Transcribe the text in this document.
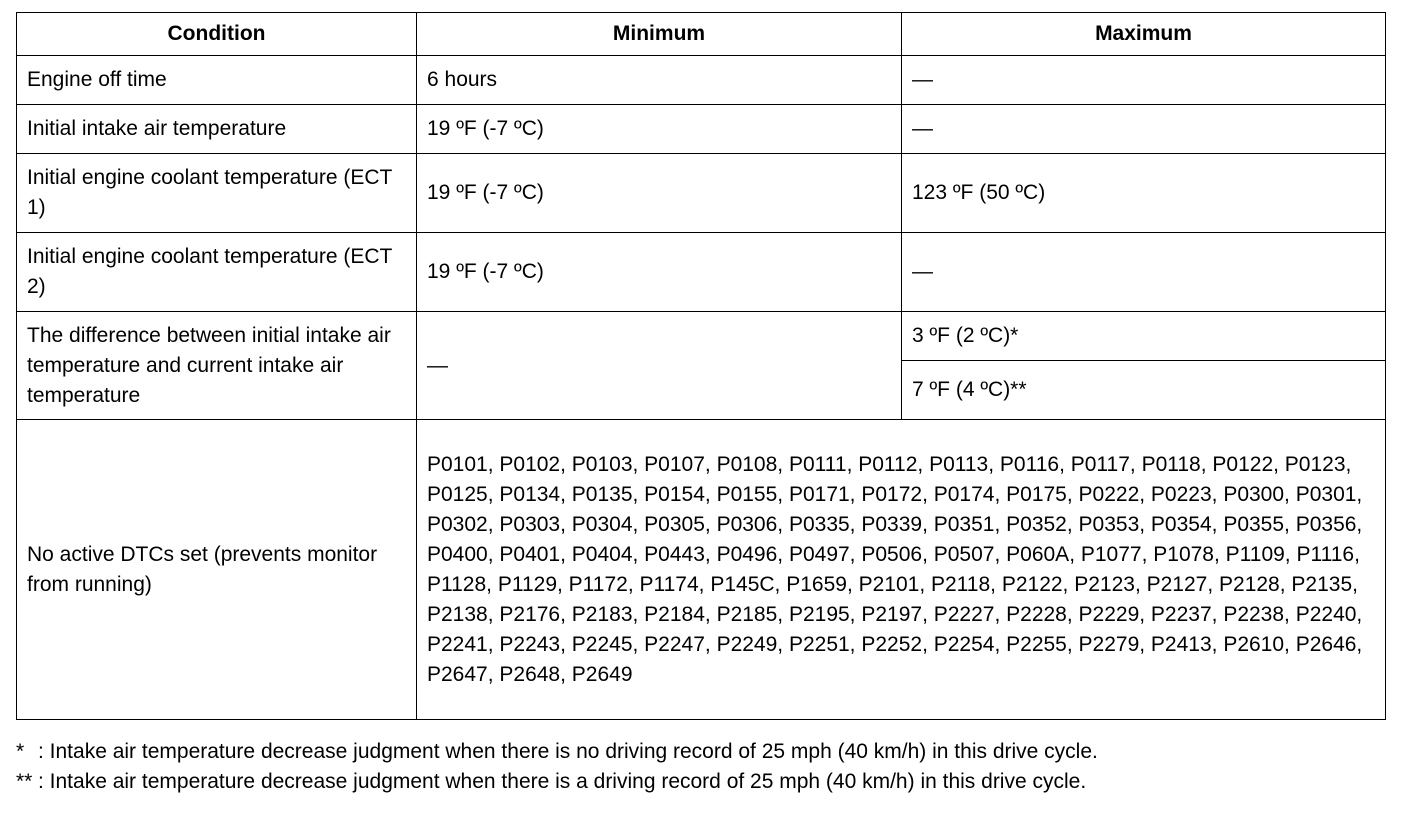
Condition	Minimum	Maximum
Engine off time	6 hours	—
Initial intake air temperature	19 ºF (-7 ºC)	—
Initial engine coolant temperature (ECT 1)	19 ºF (-7 ºC)	123 ºF (50 ºC)
Initial engine coolant temperature (ECT 2)	19 ºF (-7 ºC)	—
The difference between initial intake air temperature and current intake air temperature	—	3 ºF (2 ºC)*
		7 ºF (4 ºC)**
No active DTCs set (prevents monitor from running)	P0101, P0102, P0103, P0107, P0108, P0111, P0112, P0113, P0116, P0117, P0118, P0122, P0123, P0125, P0134, P0135, P0154, P0155, P0171, P0172, P0174, P0175, P0222, P0223, P0300, P0301, P0302, P0303, P0304, P0305, P0306, P0335, P0339, P0351, P0352, P0353, P0354, P0355, P0356, P0400, P0401, P0404, P0443, P0496, P0497, P0506, P0507, P060A, P1077, P1078, P1109, P1116, P1128, P1129, P1172, P1174, P145C, P1659, P2101, P2118, P2122, P2123, P2127, P2128, P2135, P2138, P2176, P2183, P2184, P2185, P2195, P2197, P2227, P2228, P2229, P2237, P2238, P2240, P2241, P2243, P2245, P2247, P2249, P2251, P2252, P2254, P2255, P2279, P2413, P2610, P2646, P2647, P2648, P2649	
* : Intake air temperature decrease judgment when there is no driving record of 25 mph (40 km/h) in this drive cycle.
** : Intake air temperature decrease judgment when there is a driving record of 25 mph (40 km/h) in this drive cycle.
